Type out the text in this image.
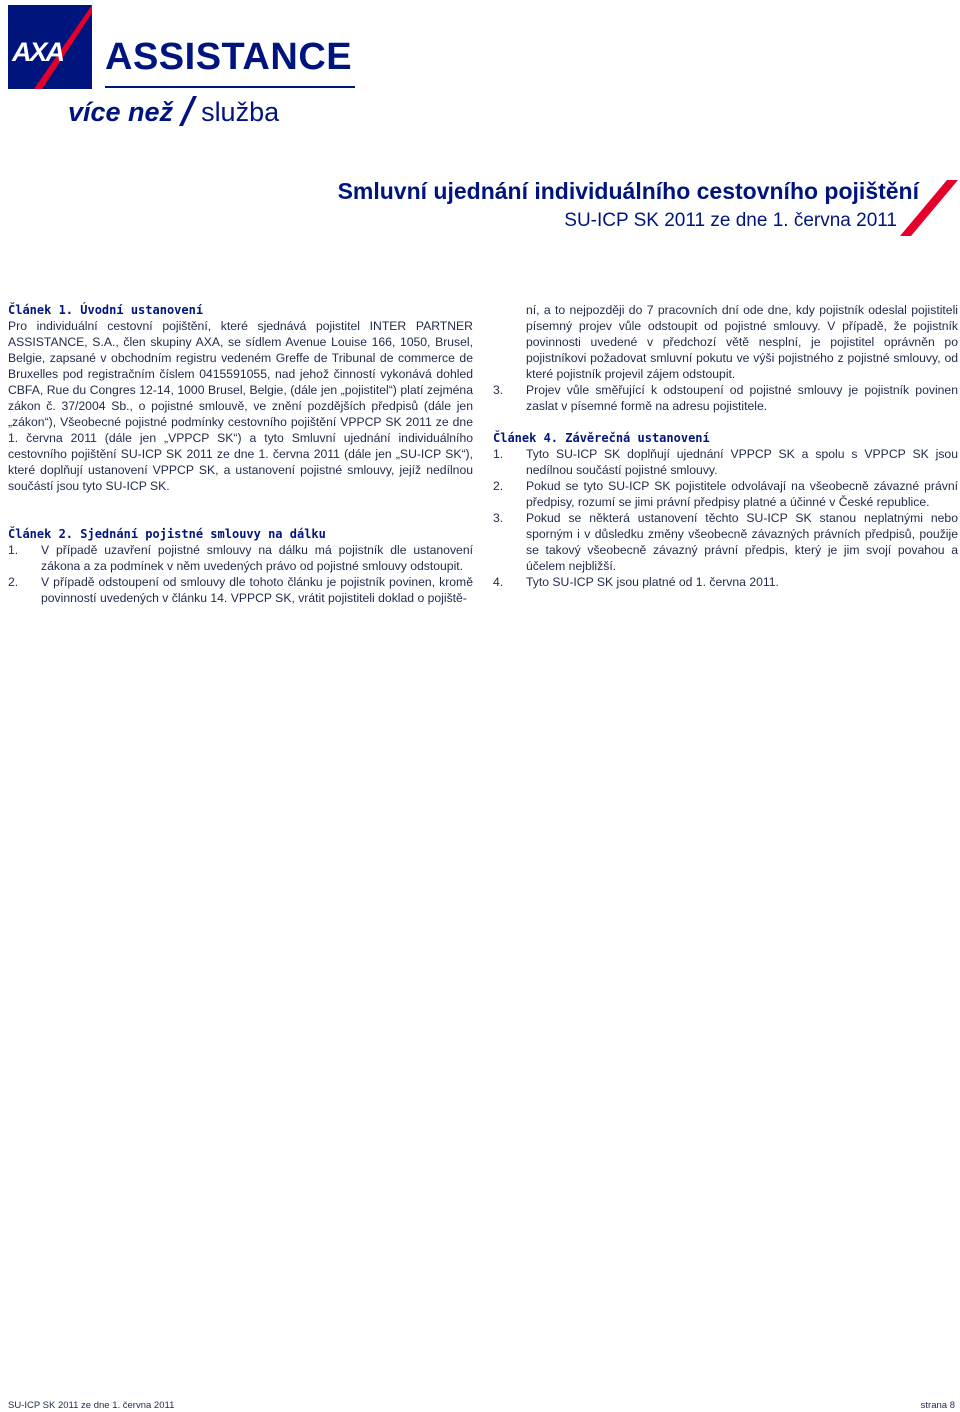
AXA ASSISTANCE
více než služba
Smluvní ujednání individuálního cestovního pojištění
SU-ICP SK 2011 ze dne 1. června 2011
Článek 1. Úvodní ustanovení

Pro individuální cestovní pojištění, které sjednává pojistitel INTER PARTNER ASSISTANCE, S.A., člen skupiny AXA, se sídlem Avenue Louise 166, 1050, Brusel, Belgie, zapsané v obchodním registru vedeném Greffe de Tribunal de commerce de Bruxelles pod registračním číslem 0415591055, nad jehož činností vykonává dohled CBFA, Rue du Congres 12-14, 1000 Brusel, Belgie, (dále jen „pojistitel“) platí zejména zákon č. 37/2004 Sb., o pojistné smlouvě, ve znění pozdějších předpisů (dále jen „zákon“), Všeobecné pojistné podmínky cestovního pojištění VPPCP SK 2011 ze dne 1. června 2011 (dále jen „VPPCP SK“) a tyto Smluvní ujednání individuálního cestovního pojištění SU-ICP SK 2011 ze dne 1. června 2011 (dále jen „SU-ICP SK“), které doplňují ustanovení VPPCP SK, a ustanovení pojistné smlouvy, jejíž nedílnou součástí jsou tyto SU-ICP SK.

Článek 2. Sjednání pojistné smlouvy na dálku

1. V případě uzavření pojistné smlouvy na dálku má pojistník dle ustanovení zákona a za podmínek v něm uvedených právo od pojistné smlouvy odstoupit.

2. V případě odstoupení od smlouvy dle tohoto článku je pojistník povinen, kromě povinností uvedených v článku 14. VPPCP SK, vrátit pojistiteli doklad o pojiště-

ní, a to nejpozději do 7 pracovních dní ode dne, kdy pojistník odeslal pojistiteli písemný projev vůle odstoupit od pojistné smlouvy. V případě, že pojistník povinnosti uvedené v předchozí větě nesplní, je pojistitel oprávněn po pojistníkovi požadovat smluvní pokutu ve výši pojistného z pojistné smlouvy, od které pojistník projevil zájem odstoupit.

3. Projev vůle směřující k odstoupení od pojistné smlouvy je pojistník povinen zaslat v písemné formě na adresu pojistitele.

Článek 4. Závěrečná ustanovení

1. Tyto SU-ICP SK doplňují ujednání VPPCP SK a spolu s VPPCP SK jsou nedílnou součástí pojistné smlouvy.

2. Pokud se tyto SU-ICP SK pojistitele odvolávají na všeobecně závazné právní předpisy, rozumí se jimi právní předpisy platné a účinné v České republice.

3. Pokud se některá ustanovení těchto SU-ICP SK stanou neplatnými nebo sporným i v důsledku změny všeobecně závazných právních předpisů, použije se takový všeobecně závazný právní předpis, který je jim svojí povahou a účelem nejbližší.

4. Tyto SU-ICP SK jsou platné od 1. června 2011.

SU-ICP SK 2011 ze dne 1. června 2011	strana 8
